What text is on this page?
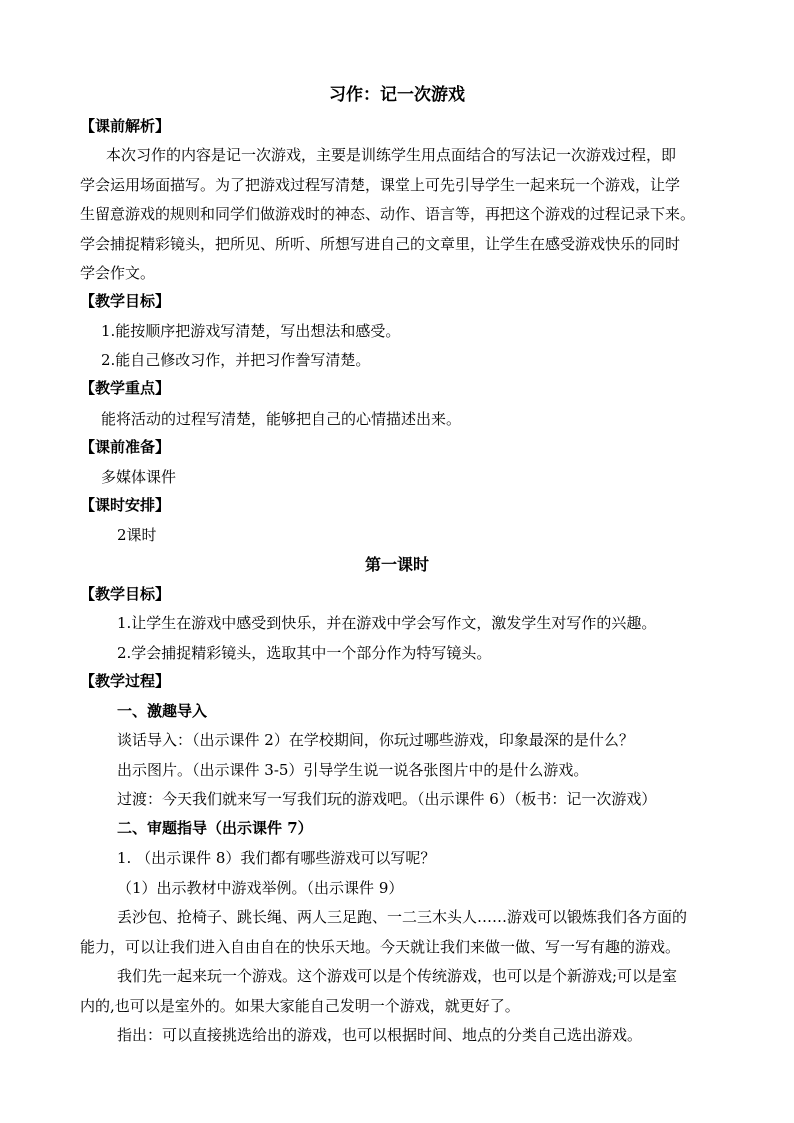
习作：记一次游戏
【课前解析】
本次习作的内容是记一次游戏，主要是训练学生用点面结合的写法记一次游戏过程，即
学会运用场面描写。为了把游戏过程写清楚，课堂上可先引导学生一起来玩一个游戏，让学
生留意游戏的规则和同学们做游戏时的神态、动作、语言等，再把这个游戏的过程记录下来。
学会捕捉精彩镜头，把所见、所听、所想写进自己的文章里，让学生在感受游戏快乐的同时
学会作文。
【教学目标】
1.能按顺序把游戏写清楚，写出想法和感受。
2.能自己修改习作，并把习作誊写清楚。
【教学重点】
能将活动的过程写清楚，能够把自己的心情描述出来。
【课前准备】
多媒体课件
【课时安排】
2课时
第一课时
【教学目标】
1.让学生在游戏中感受到快乐，并在游戏中学会写作文，激发学生对写作的兴趣。
2.学会捕捉精彩镜头，选取其中一个部分作为特写镜头。
【教学过程】
一、激趣导入
谈话导入：（出示课件 2）在学校期间，你玩过哪些游戏，印象最深的是什么？
出示图片。（出示课件 3-5）引导学生说一说各张图片中的是什么游戏。
过渡：今天我们就来写一写我们玩的游戏吧。（出示课件 6）（板书：记一次游戏）
二、审题指导（出示课件 7）
1. （出示课件 8）我们都有哪些游戏可以写呢？
（1）出示教材中游戏举例。（出示课件 9）
丢沙包、抢椅子、跳长绳、两人三足跑、一二三木头人……游戏可以锻炼我们各方面的
能力，可以让我们进入自由自在的快乐天地。今天就让我们来做一做、写一写有趣的游戏。
我们先一起来玩一个游戏。这个游戏可以是个传统游戏，也可以是个新游戏;可以是室
内的,也可以是室外的。如果大家能自己发明一个游戏，就更好了。
指出：可以直接挑选给出的游戏，也可以根据时间、地点的分类自己选出游戏。
